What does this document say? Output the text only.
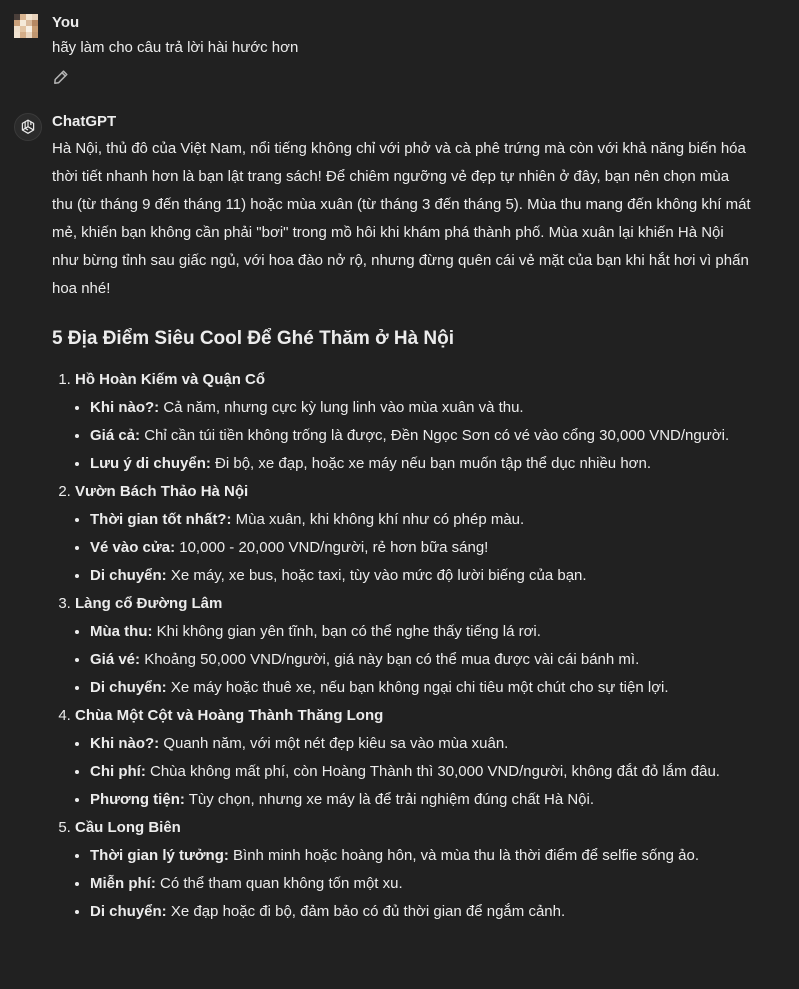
You
hãy làm cho câu trả lời hài hước hơn
ChatGPT

Hà Nội, thủ đô của Việt Nam, nổi tiếng không chỉ với phở và cà phê trứng mà còn với khả năng biến hóa thời tiết nhanh hơn là bạn lật trang sách! Để chiêm ngưỡng vẻ đẹp tự nhiên ở đây, bạn nên chọn mùa thu (từ tháng 9 đến tháng 11) hoặc mùa xuân (từ tháng 3 đến tháng 5). Mùa thu mang đến không khí mát mẻ, khiến bạn không cần phải "bơi" trong mồ hôi khi khám phá thành phố. Mùa xuân lại khiến Hà Nội như bừng tỉnh sau giấc ngủ, với hoa đào nở rộ, nhưng đừng quên cái vẻ mặt của bạn khi hắt hơi vì phấn hoa nhé!

5 Địa Điểm Siêu Cool Để Ghé Thăm ở Hà Nội
1. Hồ Hoàn Kiếm và Quận Cổ
• Khi nào?: Cả năm, nhưng cực kỳ lung linh vào mùa xuân và thu.
• Giá cả: Chỉ cần túi tiền không trống là được, Đền Ngọc Sơn có vé vào cổng 30,000 VND/người.
• Lưu ý di chuyển: Đi bộ, xe đạp, hoặc xe máy nếu bạn muốn tập thể dục nhiều hơn.
2. Vườn Bách Thảo Hà Nội
• Thời gian tốt nhất?: Mùa xuân, khi không khí như có phép màu.
• Vé vào cửa: 10,000 - 20,000 VND/người, rẻ hơn bữa sáng!
• Di chuyển: Xe máy, xe bus, hoặc taxi, tùy vào mức độ lười biếng của bạn.
3. Làng cổ Đường Lâm
• Mùa thu: Khi không gian yên tĩnh, bạn có thể nghe thấy tiếng lá rơi.
• Giá vé: Khoảng 50,000 VND/người, giá này bạn có thể mua được vài cái bánh mì.
• Di chuyển: Xe máy hoặc thuê xe, nếu bạn không ngại chi tiêu một chút cho sự tiện lợi.
4. Chùa Một Cột và Hoàng Thành Thăng Long
• Khi nào?: Quanh năm, với một nét đẹp kiêu sa vào mùa xuân.
• Chi phí: Chùa không mất phí, còn Hoàng Thành thì 30,000 VND/người, không đắt đỏ lắm đâu.
• Phương tiện: Tùy chọn, nhưng xe máy là để trải nghiệm đúng chất Hà Nội.
5. Cầu Long Biên
• Thời gian lý tưởng: Bình minh hoặc hoàng hôn, và mùa thu là thời điểm để selfie sống ảo.
• Miễn phí: Có thể tham quan không tốn một xu.
• Di chuyển: Xe đạp hoặc đi bộ, đảm bảo có đủ thời gian để ngắm cảnh.
